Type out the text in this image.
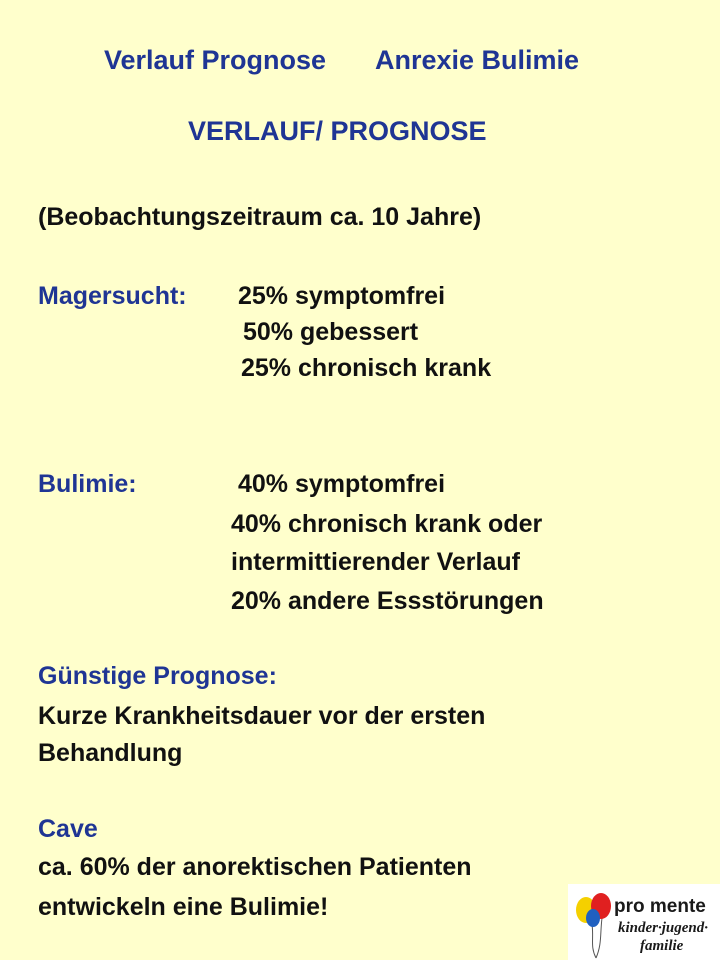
Verlauf Prognose Anrexie Bulimie
VERLAUF/ PROGNOSE
(Beobachtungszeitraum ca. 10 Jahre)
Magersucht: 25% symptomfrei
50% gebessert
25% chronisch krank
Bulimie:	40% symptomfrei
40% chronisch krank oder
intermittierender Verlauf
20% andere Essstörungen
Günstige Prognose:
Kurze Krankheitsdauer vor der ersten
Behandlung
Cave
ca. 60% der anorektischen Patienten
entwickeln eine Bulimie!	pro mente
kinder·jugend·
familie
